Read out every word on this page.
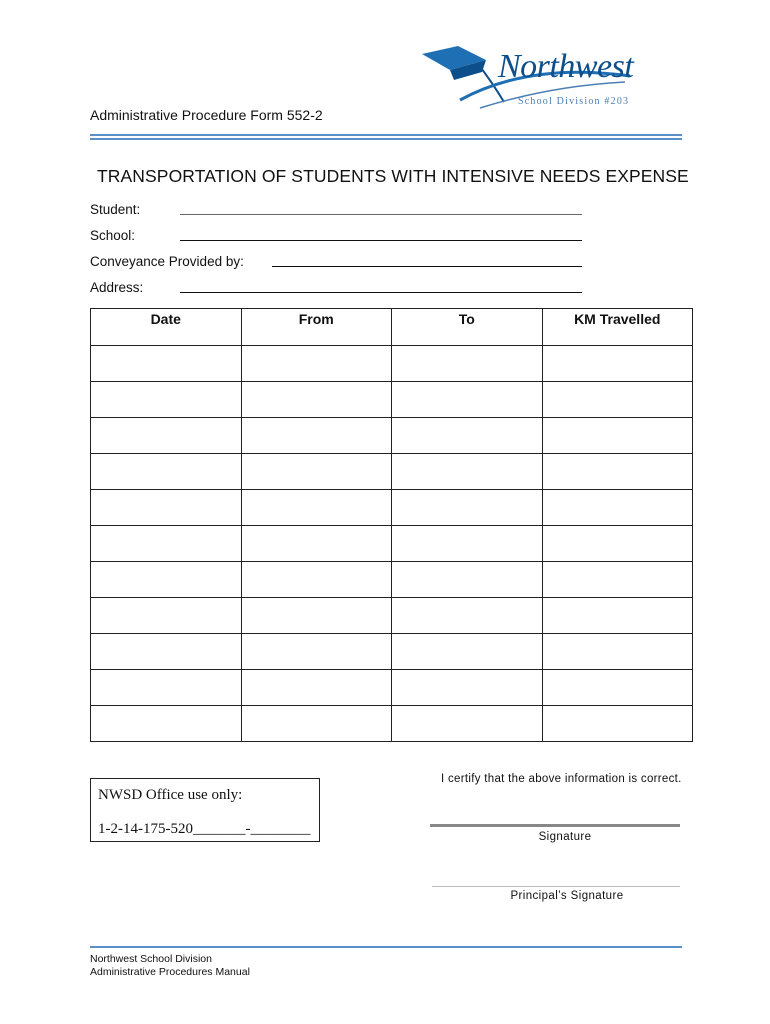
Administrative Procedure Form 552-2
Northwest
School Division #203
TRANSPORTATION OF STUDENTS WITH INTENSIVE NEEDS EXPENSE
Student:
School:
Conveyance Provided by:
Address:
Date	From	To	KM Travelled

NWSD Office use only:
1-2-14-175-520_______-________
I certify that the above information is correct.
Signature
Principal’s Signature
Northwest School Division
Administrative Procedures Manual
